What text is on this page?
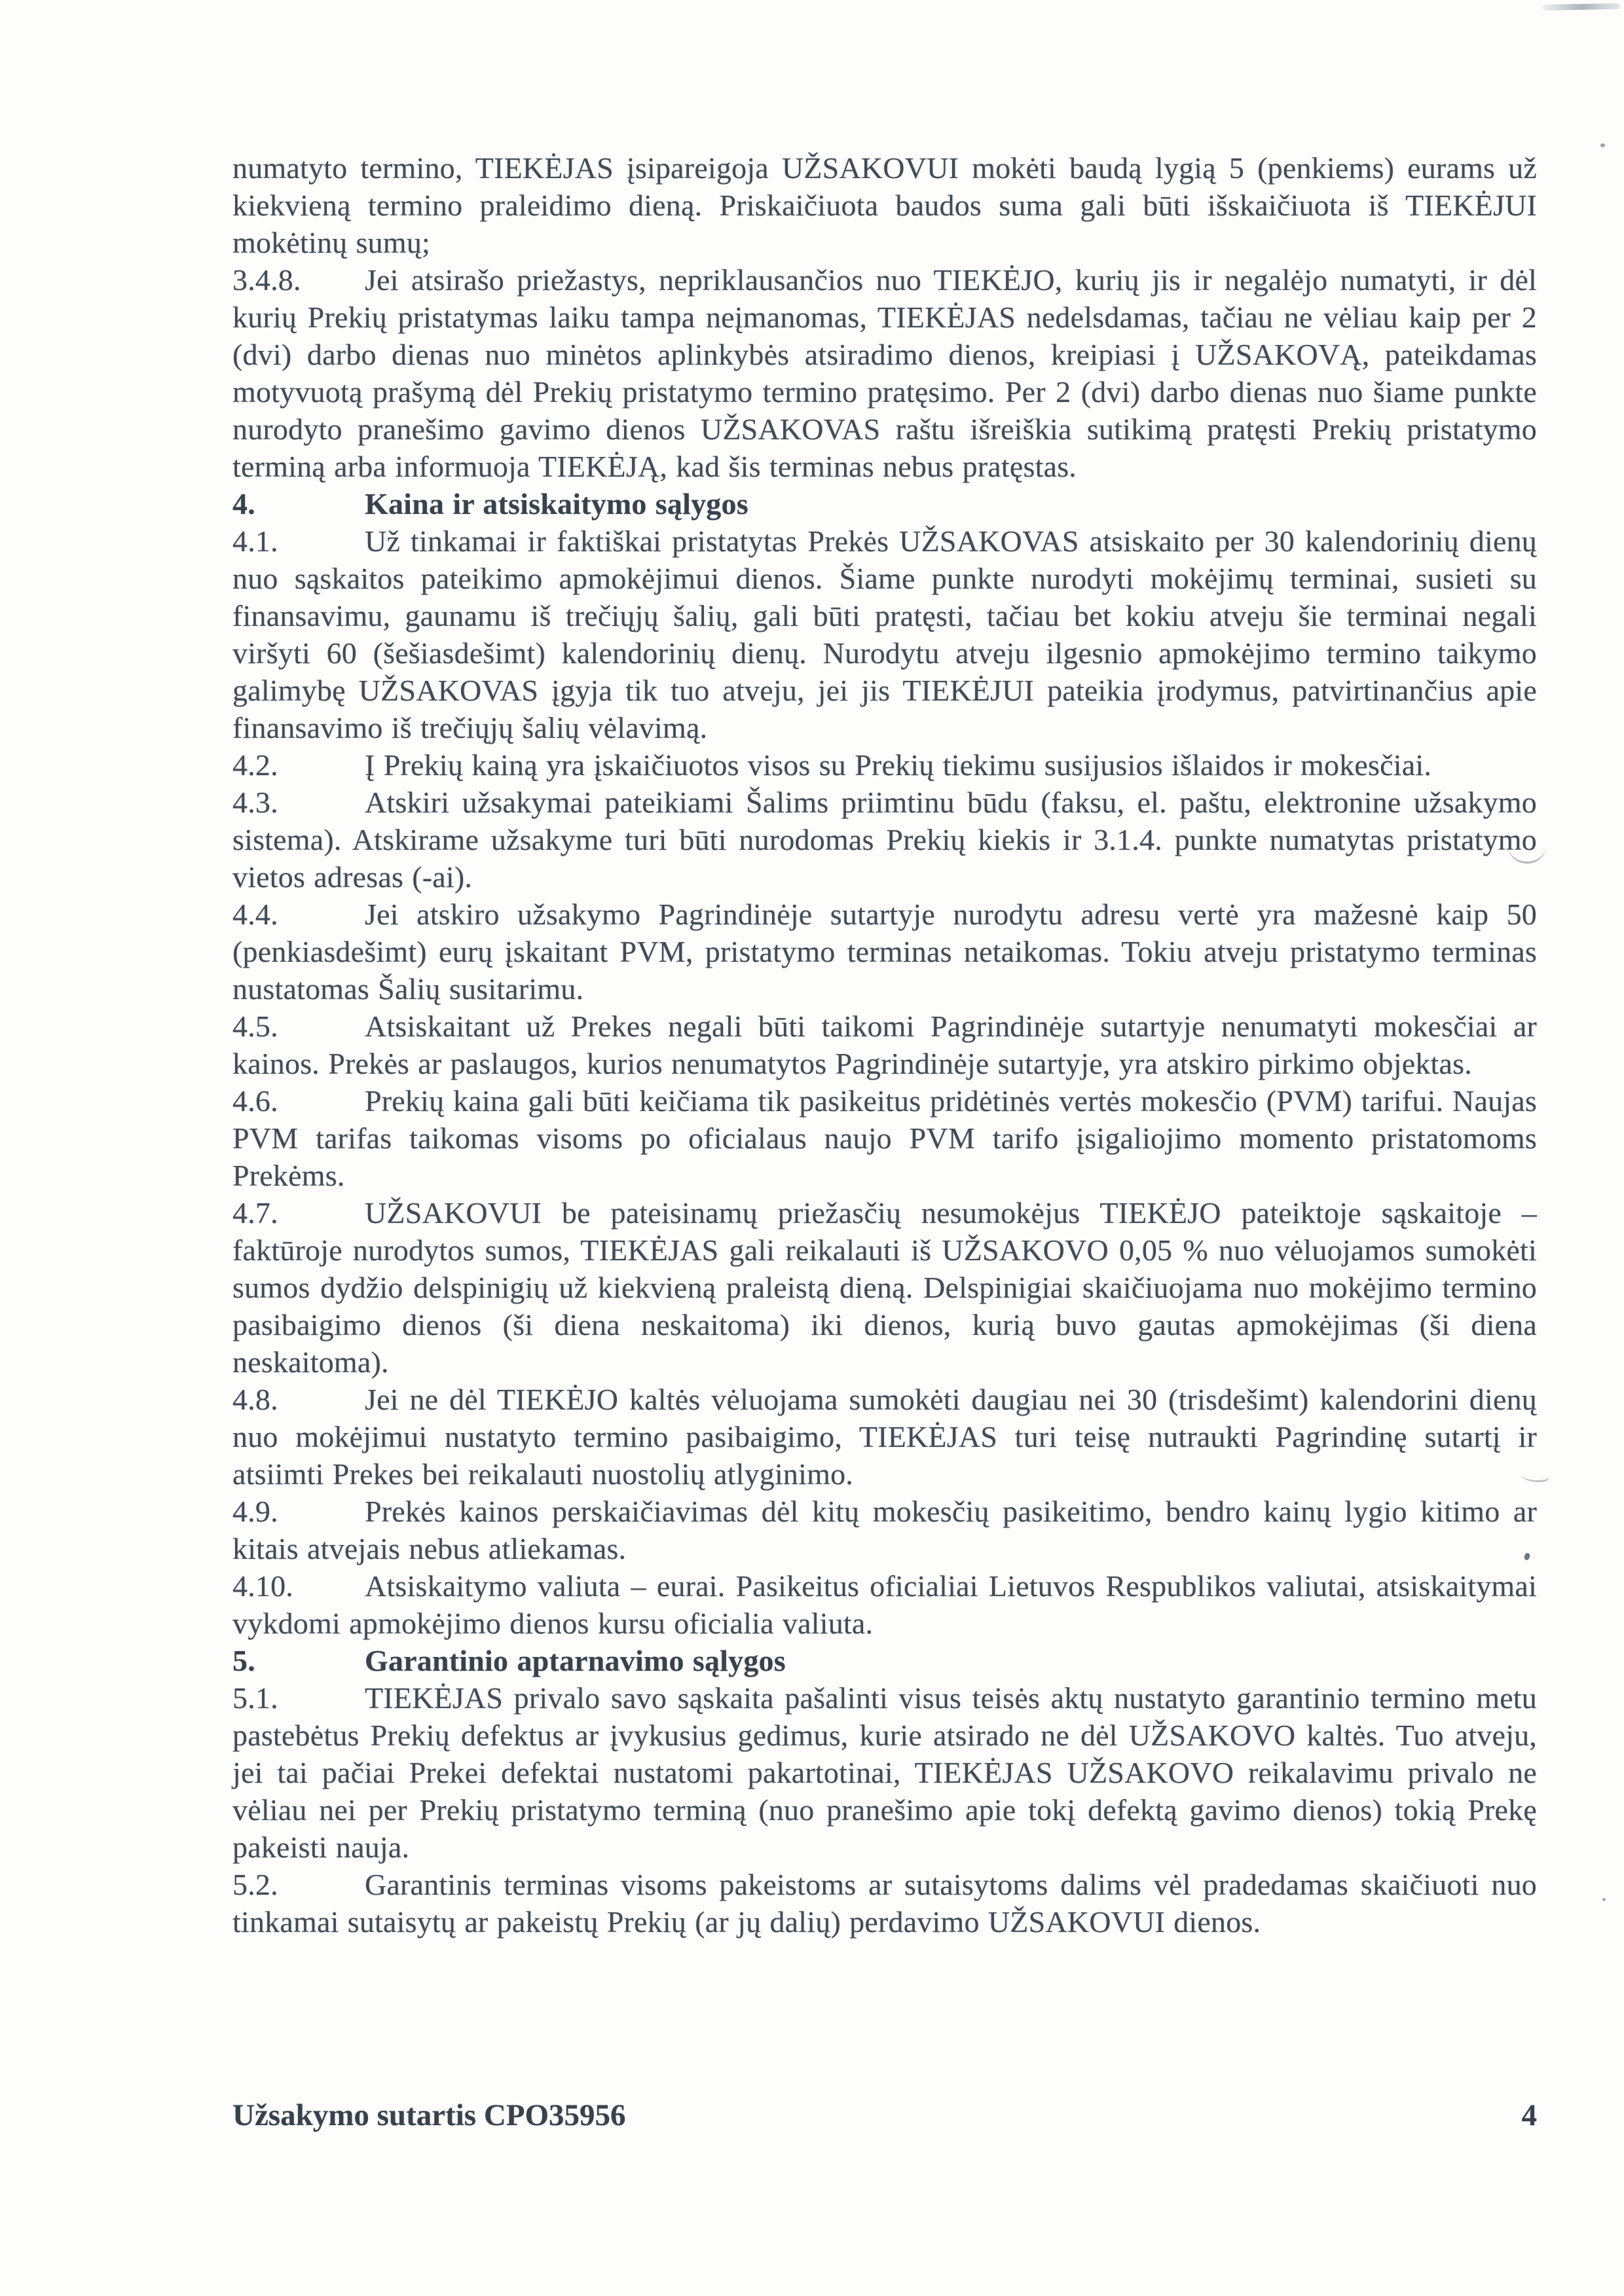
numatyto termino, TIEKĖJAS įsipareigoja UŽSAKOVUI mokėti baudą lygią 5 (penkiems) eurams už kiekvieną termino praleidimo dieną. Priskaičiuota baudos suma gali būti išskaičiuota iš TIEKĖJUI mokėtinų sumų;

3.4.8. Jei atsirašo priežastys, nepriklausančios nuo TIEKĖJO, kurių jis ir negalėjo numatyti, ir dėl kurių Prekių pristatymas laiku tampa neįmanomas, TIEKĖJAS nedelsdamas, tačiau ne vėliau kaip per 2 (dvi) darbo dienas nuo minėtos aplinkybės atsiradimo dienos, kreipiasi į UŽSAKOVĄ, pateikdamas motyvuotą prašymą dėl Prekių pristatymo termino pratęsimo. Per 2 (dvi) darbo dienas nuo šiame punkte nurodyto pranešimo gavimo dienos UŽSAKOVAS raštu išreiškia sutikimą pratęsti Prekių pristatymo terminą arba informuoja TIEKĖJĄ, kad šis terminas nebus pratęstas.

4.	Kaina ir atsiskaitymo sąlygos

4.1.	Už tinkamai ir faktiškai pristatytas Prekės UŽSAKOVAS atsiskaito per 30 kalendorinių dienų nuo sąskaitos pateikimo apmokėjimui dienos. Šiame punkte nurodyti mokėjimų terminai, susieti su finansavimu, gaunamu iš trečiųjų šalių, gali būti pratęsti, tačiau bet kokiu atveju šie terminai negali viršyti 60 (šešiasdešimt) kalendorinių dienų. Nurodytu atveju ilgesnio apmokėjimo termino taikymo galimybę UŽSAKOVAS įgyja tik tuo atveju, jei jis TIEKĖJUI pateikia įrodymus, patvirtinančius apie finansavimo iš trečiųjų šalių vėlavimą.

4.2.	Į Prekių kainą yra įskaičiuotos visos su Prekių tiekimu susijusios išlaidos ir mokesčiai.

4.3.	Atskiri užsakymai pateikiami Šalims priimtinu būdu (faksu, el. paštu, elektronine užsakymo sistema). Atskirame užsakyme turi būti nurodomas Prekių kiekis ir 3.1.4. punkte numatytas pristatymo vietos adresas (-ai).

4.4.	Jei atskiro užsakymo Pagrindinėje sutartyje nurodytu adresu vertė yra mažesnė kaip 50 (penkiasdešimt) eurų įskaitant PVM, pristatymo terminas netaikomas. Tokiu atveju pristatymo terminas nustatomas Šalių susitarimu.

4.5.	Atsiskaitant už Prekes negali būti taikomi Pagrindinėje sutartyje nenumatyti mokesčiai ar kainos. Prekės ar paslaugos, kurios nenumatytos Pagrindinėje sutartyje, yra atskiro pirkimo objektas.

4.6.	Prekių kaina gali būti keičiama tik pasikeitus pridėtinės vertės mokesčio (PVM) tarifui. Naujas PVM tarifas taikomas visoms po oficialaus naujo PVM tarifo įsigaliojimo momento pristatomoms Prekėms.

4.7.	UŽSAKOVUI be pateisinamų priežasčių nesumokėjus TIEKĖJO pateiktoje sąskaitoje – faktūroje nurodytos sumos, TIEKĖJAS gali reikalauti iš UŽSAKOVO 0,05 % nuo vėluojamos sumokėti sumos dydžio delspinigių už kiekvieną praleistą dieną. Delspinigiai skaičiuojama nuo mokėjimo termino pasibaigimo dienos (ši diena neskaitoma) iki dienos, kurią buvo gautas apmokėjimas (ši diena neskaitoma).

4.8.	Jei ne dėl TIEKĖJO kaltės vėluojama sumokėti daugiau nei 30 (trisdešimt) kalendorini dienų nuo mokėjimui nustatyto termino pasibaigimo, TIEKĖJAS turi teisę nutraukti Pagrindinę sutartį ir atsiimti Prekes bei reikalauti nuostolių atlyginimo.

4.9.	Prekės kainos perskaičiavimas dėl kitų mokesčių pasikeitimo, bendro kainų lygio kitimo ar kitais atvejais nebus atliekamas.

4.10. Atsiskaitymo valiuta – eurai. Pasikeitus oficialiai Lietuvos Respublikos valiutai, atsiskaitymai vykdomi apmokėjimo dienos kursu oficialia valiuta.

5.	Garantinio aptarnavimo sąlygos

5.1.	TIEKĖJAS privalo savo sąskaita pašalinti visus teisės aktų nustatyto garantinio termino metu pastebėtus Prekių defektus ar įvykusius gedimus, kurie atsirado ne dėl UŽSAKOVO kaltės. Tuo atveju, jei tai pačiai Prekei defektai nustatomi pakartotinai, TIEKĖJAS UŽSAKOVO reikalavimu privalo ne vėliau nei per Prekių pristatymo terminą (nuo pranešimo apie tokį defektą gavimo dienos) tokią Prekę pakeisti nauja.

5.2.	Garantinis terminas visoms pakeistoms ar sutaisytoms dalims vėl pradedamas skaičiuoti nuo tinkamai sutaisytų ar pakeistų Prekių (ar jų dalių) perdavimo UŽSAKOVUI dienos.

Užsakymo sutartis CPO35956	4
